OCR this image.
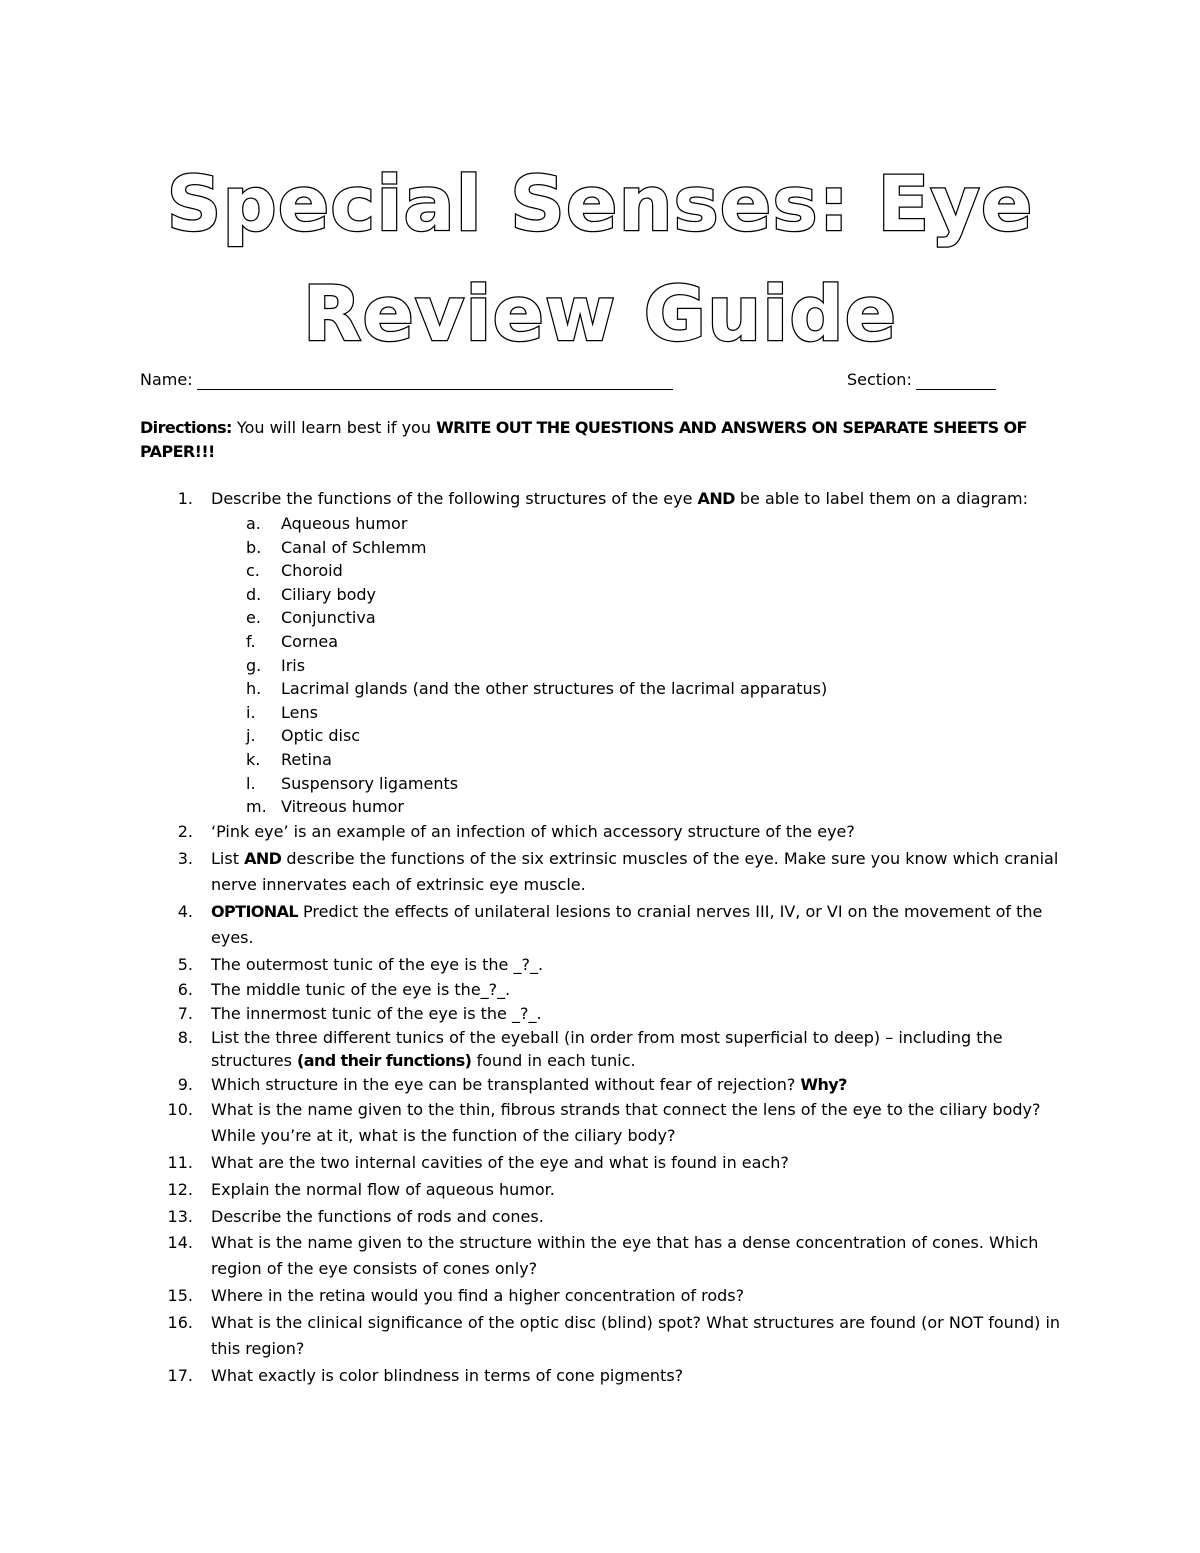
Special Senses: Eye
Review Guide
Name:	Section:
Directions: You will learn best if you WRITE OUT THE QUESTIONS AND ANSWERS ON SEPARATE SHEETS OF PAPER!!!
1. Describe the functions of the following structures of the eye AND be able to label them on a diagram:
a. Aqueous humor
b. Canal of Schlemm
c. Choroid
d. Ciliary body
e. Conjunctiva
f. Cornea
g. Iris
h. Lacrimal glands (and the other structures of the lacrimal apparatus)
i. Lens
j. Optic disc
k. Retina
l. Suspensory ligaments
m. Vitreous humor
2. ‘Pink eye’ is an example of an infection of which accessory structure of the eye?
3. List AND describe the functions of the six extrinsic muscles of the eye. Make sure you know which cranial nerve innervates each of extrinsic eye muscle.
4. OPTIONAL Predict the effects of unilateral lesions to cranial nerves III, IV, or VI on the movement of the eyes.
5. The outermost tunic of the eye is the _?_.
6. The middle tunic of the eye is the_?_.
7. The innermost tunic of the eye is the _?_.
8. List the three different tunics of the eyeball (in order from most superficial to deep) – including the structures (and their functions) found in each tunic.
9. Which structure in the eye can be transplanted without fear of rejection? Why?
10. What is the name given to the thin, fibrous strands that connect the lens of the eye to the ciliary body? While you’re at it, what is the function of the ciliary body?
11. What are the two internal cavities of the eye and what is found in each?
12. Explain the normal flow of aqueous humor.
13. Describe the functions of rods and cones.
14. What is the name given to the structure within the eye that has a dense concentration of cones. Which region of the eye consists of cones only?
15. Where in the retina would you find a higher concentration of rods?
16. What is the clinical significance of the optic disc (blind) spot? What structures are found (or NOT found) in this region?
17. What exactly is color blindness in terms of cone pigments?
